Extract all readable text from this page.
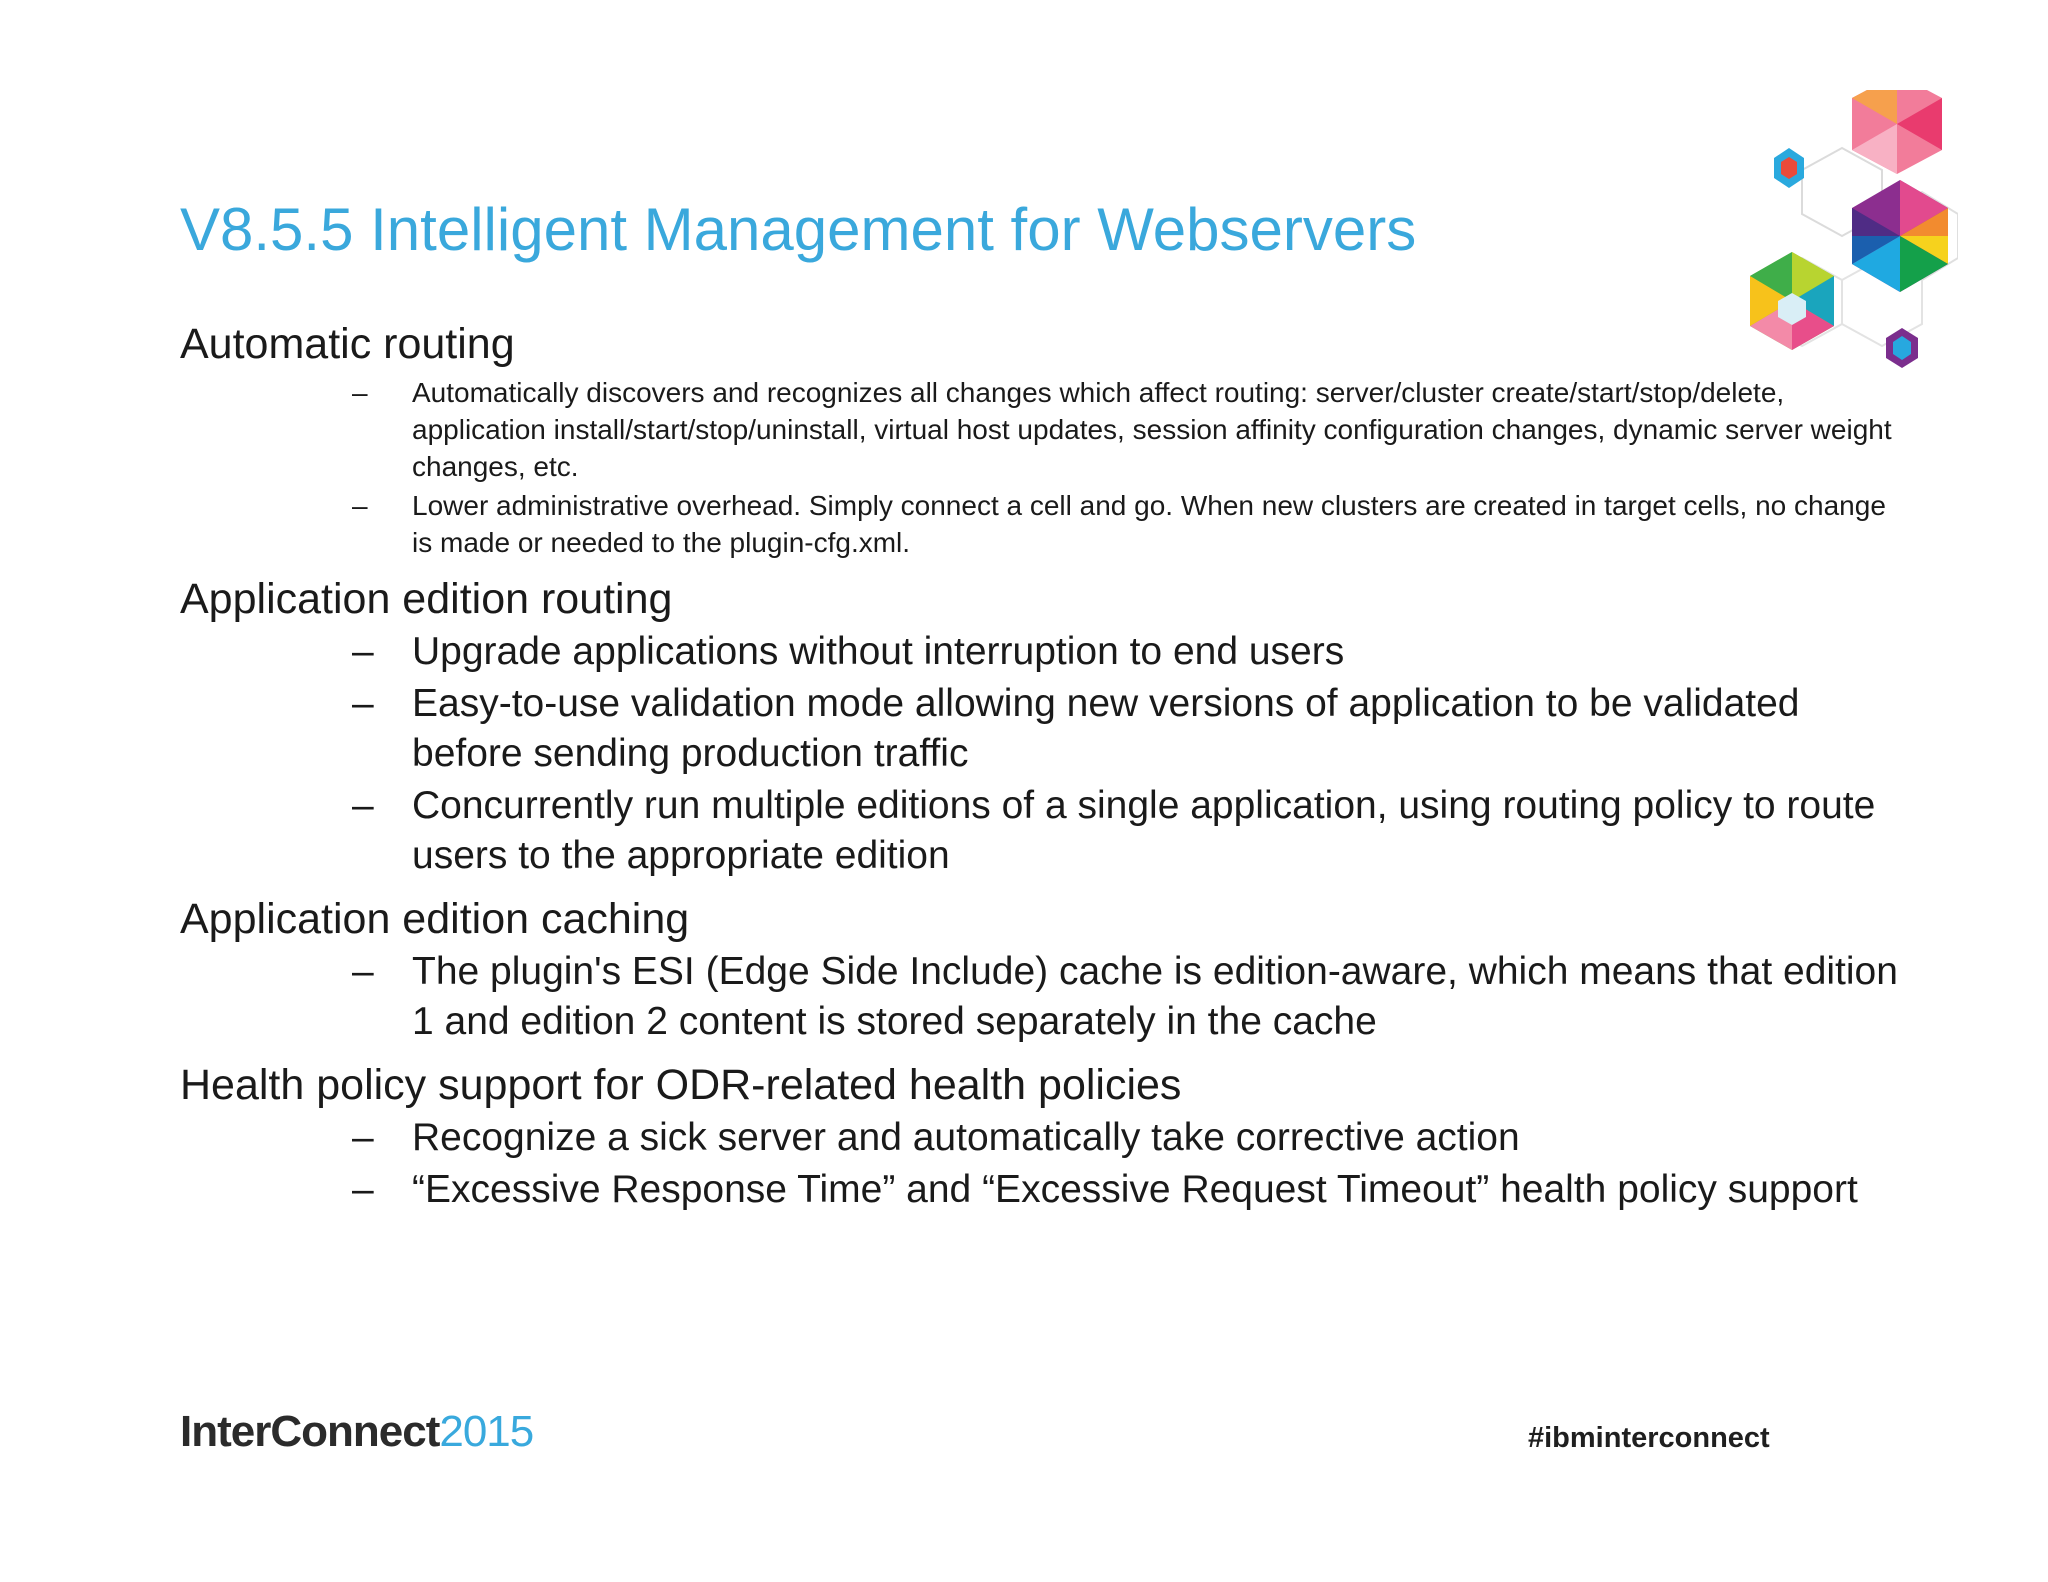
V8.5.5 Intelligent Management for Webservers
Automatic routing
– Automatically discovers and recognizes all changes which affect routing: server/cluster create/start/stop/delete, application install/start/stop/uninstall, virtual host updates, session affinity configuration changes, dynamic server weight changes, etc.
– Lower administrative overhead. Simply connect a cell and go. When new clusters are created in target cells, no change is made or needed to the plugin-cfg.xml.
Application edition routing
– Upgrade applications without interruption to end users
– Easy-to-use validation mode allowing new versions of application to be validated before sending production traffic
– Concurrently run multiple editions of a single application, using routing policy to route users to the appropriate edition
Application edition caching
– The plugin's ESI (Edge Side Include) cache is edition-aware, which means that edition 1 and edition 2 content is stored separately in the cache
Health policy support for ODR-related health policies
– Recognize a sick server and automatically take corrective action
– “Excessive Response Time” and “Excessive Request Timeout” health policy support
InterConnect2015	#ibminterconnect
